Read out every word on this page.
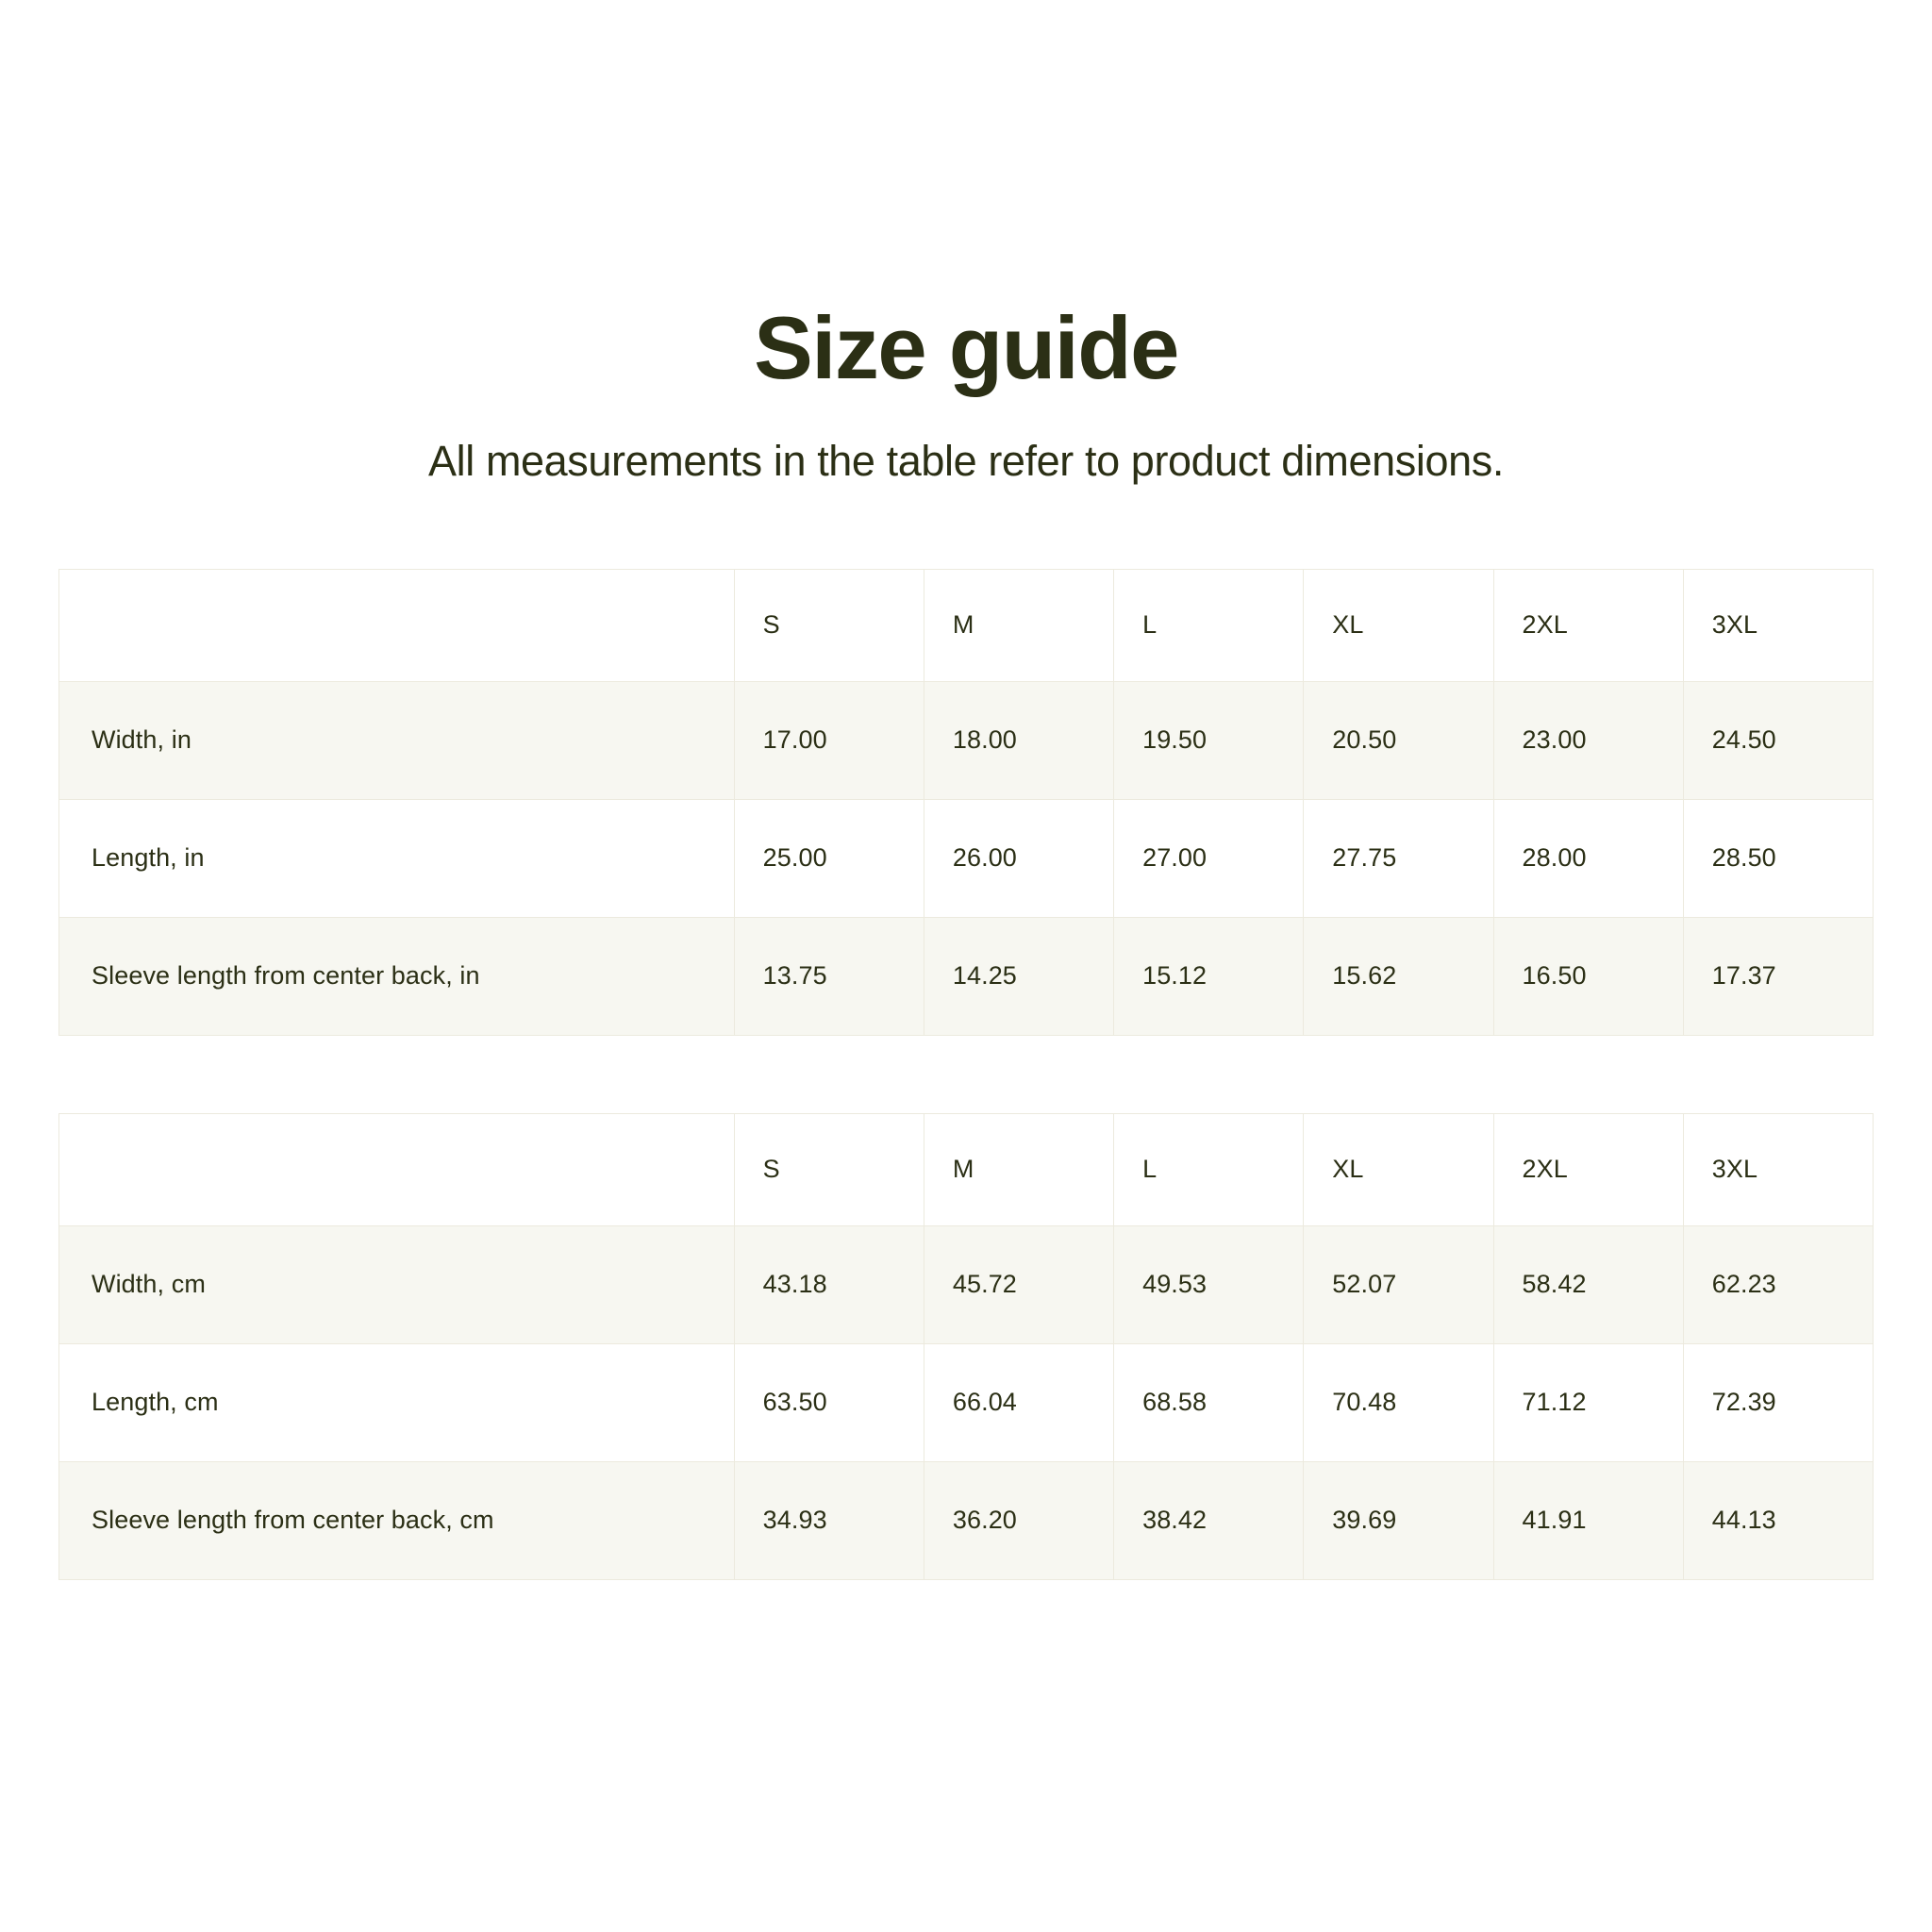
Size guide
All measurements in the table refer to product dimensions.
	S	M	L	XL	2XL	3XL
Width, in	17.00	18.00	19.50	20.50	23.00	24.50
Length, in	25.00	26.00	27.00	27.75	28.00	28.50
Sleeve length from center back, in	13.75	14.25	15.12	15.62	16.50	17.37
	S	M	L	XL	2XL	3XL
Width, cm	43.18	45.72	49.53	52.07	58.42	62.23
Length, cm	63.50	66.04	68.58	70.48	71.12	72.39
Sleeve length from center back, cm	34.93	36.20	38.42	39.69	41.91	44.13
